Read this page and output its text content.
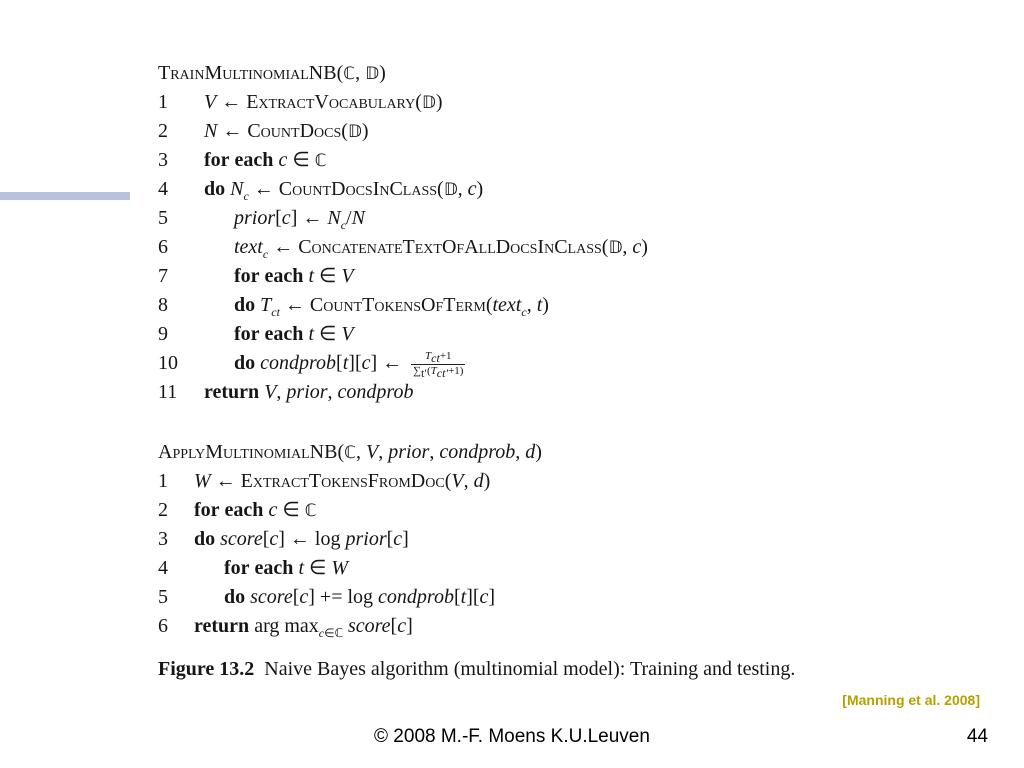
TrainMultinomialNB(ℂ, 𝔻)
1	V ← ExtractVocabulary(𝔻)
2	N ← CountDocs(𝔻)
3	for each c ∈ ℂ
4	do $N_c$ ← CountDocsInClass(𝔻, c)
5	prior[c] ← $N_c/N$
6	text$_c$ ← ConcatenateTextOfAllDocsInClass(𝔻, c)
7	for each t ∈ V
8	do $T_{ct}$ ← CountTokensOfTerm(text$_c$, t)
9	for each t ∈ V
10	do condprob[t][c] ← $\frac{T_{ct}+1}{\sum_{t'}(T_{ct'}+1)}$
11	return V, prior, condprob
ApplyMultinomialNB(ℂ, V, prior, condprob, d)
1	W ← ExtractTokensFromDoc(V, d)
2	for each c ∈ ℂ
3	do score[c] ← log prior[c]
4	for each t ∈ W
5	do score[c] += log condprob[t][c]
6	return arg $\max_{c\in ℂ}$ score[c]
Figure 13.2 Naive Bayes algorithm (multinomial model): Training and testing.
[Manning et al. 2008]
© 2008 M.-F. Moens K.U.Leuven	44
